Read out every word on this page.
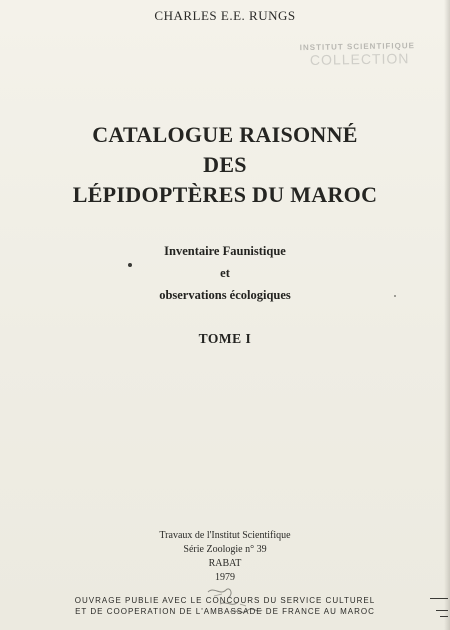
CHARLES E.E. RUNGS
INSTITUT SCIENTIFIQUE
COLLECTION
CATALOGUE RAISONNÉ
DES
LÉPIDOPTÈRES DU MAROC
Inventaire Faunistique
et
observations écologiques
TOME I
Travaux de l'Institut Scientifique
Série Zoologie n° 39
RABAT
1979
OUVRAGE PUBLIE AVEC LE CONCOURS DU SERVICE CULTUREL
ET DE COOPERATION DE L'AMBASSADE DE FRANCE AU MAROC
